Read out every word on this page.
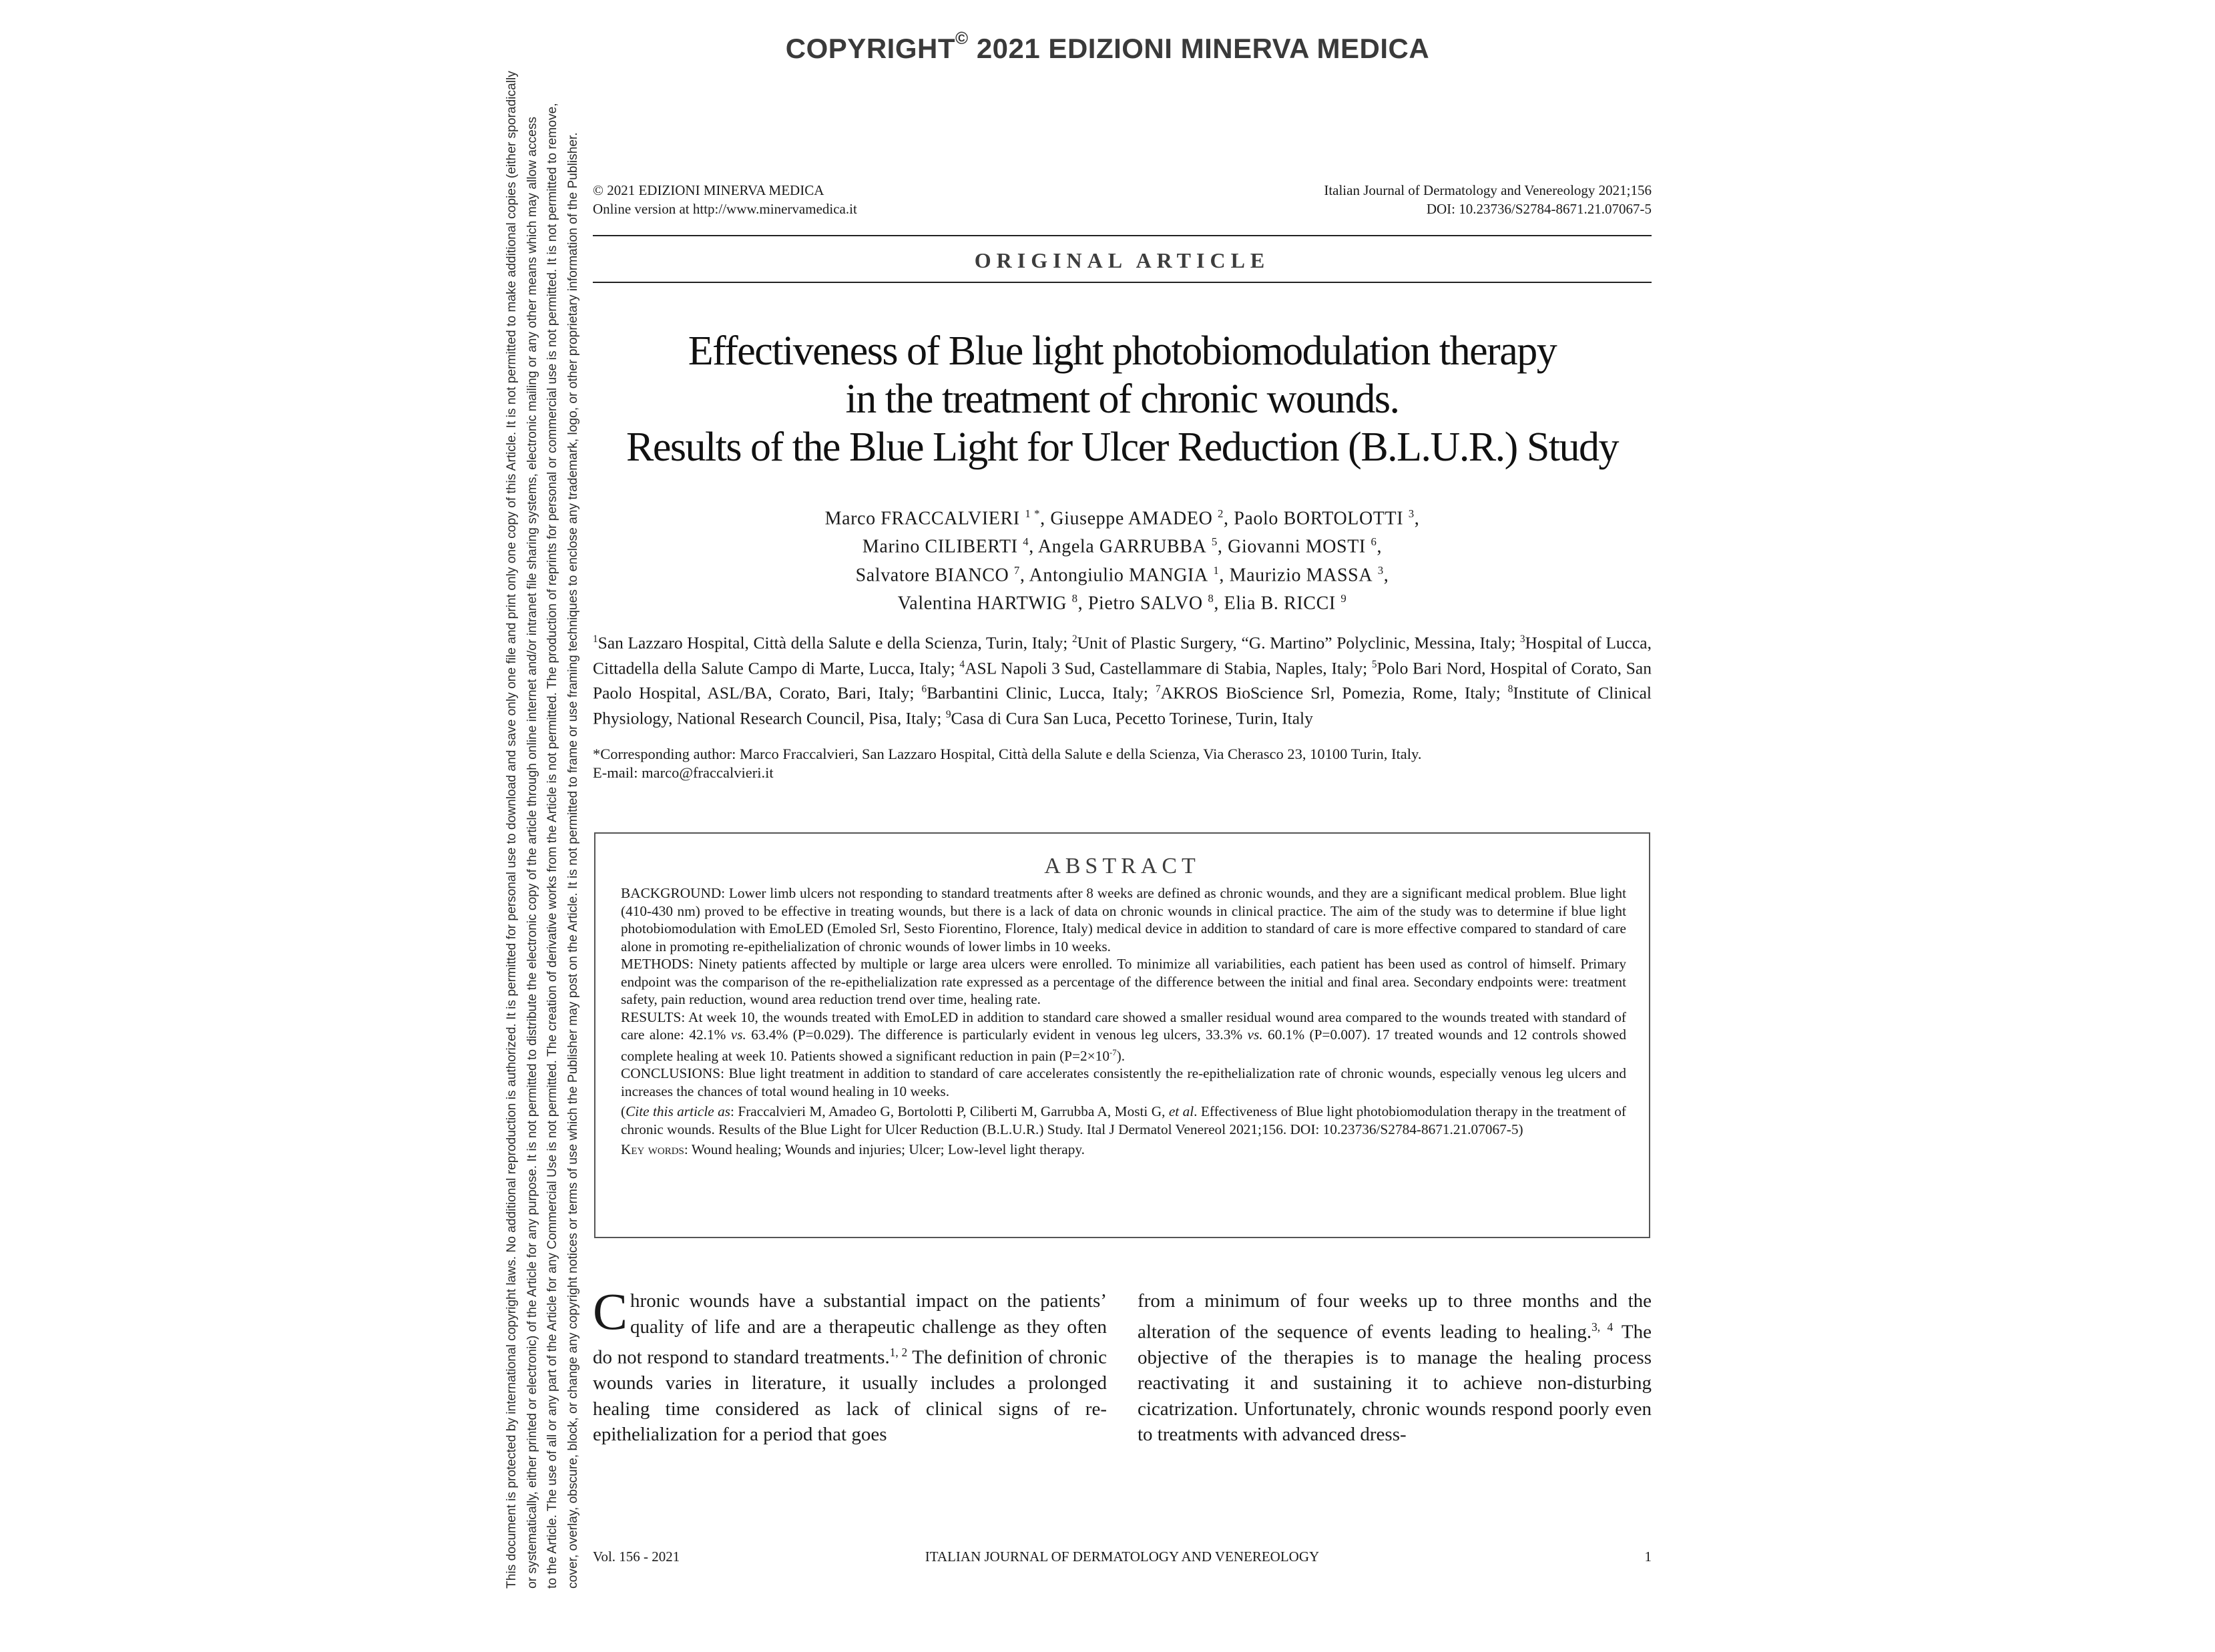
COPYRIGHT© 2021 EDIZIONI MINERVA MEDICA
This document is protected by international copyright laws. No additional reproduction is authorized. It is permitted for personal use to download and save only one file and print only one copy of this Article. It is not permitted to make additional copies (either sporadically or systematically, either printed or electronic) of the Article for any purpose. It is not permitted to distribute the electronic copy of the article through online internet and/or intranet file sharing systems, electronic mailing or any other means which may allow access to the Article. The use of all or any part of the Article for any Commercial Use is not permitted. The creation of derivative works from the Article is not permitted. The production of reprints for personal or commercial use is not permitted. It is not permitted to remove, cover, overlay, obscure, block, or change any copyright notices or terms of use which the Publisher may post on the Article. It is not permitted to frame or use framing techniques to enclose any trademark, logo, or other proprietary information of the Publisher. © 2021 EDIZIONI MINERVA MEDICA
Online version at http://www.minervamedica.it
Italian Journal of Dermatology and Venereology 2021;156
DOI: 10.23736/S2784-8671.21.07067-5
ORIGINAL ARTICLE
Effectiveness of Blue light photobiomodulation therapy
in the treatment of chronic wounds.
Results of the Blue Light for Ulcer Reduction (B.L.U.R.) Study
Marco FRACCALVIERI $^{1 *}$, Giuseppe AMADEO $^2$, Paolo BORTOLOTTI $^3$,
Marino CILIBERTI $^4$, Angela GARRUBBA $^5$, Giovanni MOSTI $^6$,
Salvatore BIANCO $^7$, Antongiulio MANGIA $^1$, Maurizio MASSA $^3$,
Valentina HARTWIG $^8$, Pietro SALVO $^8$, Elia B. RICCI $^9$
$^1$San Lazzaro Hospital, Città della Salute e della Scienza, Turin, Italy; $^2$Unit of Plastic Surgery, “G. Martino” Polyclinic, Messina, Italy; $^3$Hospital of Lucca, Cittadella della Salute Campo di Marte, Lucca, Italy; $^4$ASL Napoli 3 Sud, Castellammare di Stabia, Naples, Italy; $^5$Polo Bari Nord, Hospital of Corato, San Paolo Hospital, ASL/BA, Corato, Bari, Italy; $^6$Barbantini Clinic, Lucca, Italy; $^7$AKROS BioScience Srl, Pomezia, Rome, Italy; $^8$Institute of Clinical Physiology, National Research Council, Pisa, Italy; $^9$Casa di Cura San Luca, Pecetto Torinese, Turin, Italy
*Corresponding author: Marco Fraccalvieri, San Lazzaro Hospital, Città della Salute e della Scienza, Via Cherasco 23, 10100 Turin, Italy.
E-mail: marco@fraccalvieri.it
ABSTRACT

BACKGROUND: Lower limb ulcers not responding to standard treatments after 8 weeks are defined as chronic wounds, and they are a significant medical problem. Blue light (410-430 nm) proved to be effective in treating wounds, but there is a lack of data on chronic wounds in clinical practice. The aim of the study was to determine if blue light photobiomodulation with EmoLED (Emoled Srl, Sesto Fiorentino, Florence, Italy) medical device in addition to standard of care is more effective compared to standard of care alone in promoting re-epithelialization of chronic wounds of lower limbs in 10 weeks.

METHODS: Ninety patients affected by multiple or large area ulcers were enrolled. To minimize all variabilities, each patient has been used as control of himself. Primary endpoint was the comparison of the re-epithelialization rate expressed as a percentage of the difference between the initial and final area. Secondary endpoints were: treatment safety, pain reduction, wound area reduction trend over time, healing rate.

RESULTS: At week 10, the wounds treated with EmoLED in addition to standard care showed a smaller residual wound area compared to the wounds treated with standard of care alone: 42.1% vs. 63.4% (P=0.029). The difference is particularly evident in venous leg ulcers, 33.3% vs. 60.1% (P=0.007). 17 treated wounds and 12 controls showed complete healing at week 10. Patients showed a significant reduction in pain $(P=2\times 10^{-7})$.

CONCLUSIONS: Blue light treatment in addition to standard of care accelerates consistently the re-epithelialization rate of chronic wounds, especially venous leg ulcers and increases the chances of total wound healing in 10 weeks.

(Cite this article as: Fraccalvieri M, Amadeo G, Bortolotti P, Ciliberti M, Garrubba A, Mosti G, et al. Effectiveness of Blue light photobiomodulation therapy in the treatment of chronic wounds. Results of the Blue Light for Ulcer Reduction (B.L.U.R.) Study. Ital J Dermatol Venereol 2021;156. DOI: 10.23736/S2784-8671.21.07067-5)

Key words: Wound healing; Wounds and injuries; Ulcer; Low-level light therapy.

Chronic wounds have a substantial impact on the patients’ quality of life and are a therapeutic challenge as they often do not respond to standard treatments.$^{1, 2}$ The definition of chronic wounds varies in literature, it usually includes a prolonged healing time considered as lack of clinical signs of re-epithelialization for a period that goes
from a minimum of four weeks up to three months and the alteration of the sequence of events leading to healing.$^{3, 4}$ The objective of the therapies is to manage the healing process reactivating it and sustaining it to achieve non-disturbing cicatrization. Unfortunately, chronic wounds respond poorly even to treatments with advanced dress-
Vol. 156 - 2021	ITALIAN JOURNAL OF DERMATOLOGY AND VENEREOLOGY	1
